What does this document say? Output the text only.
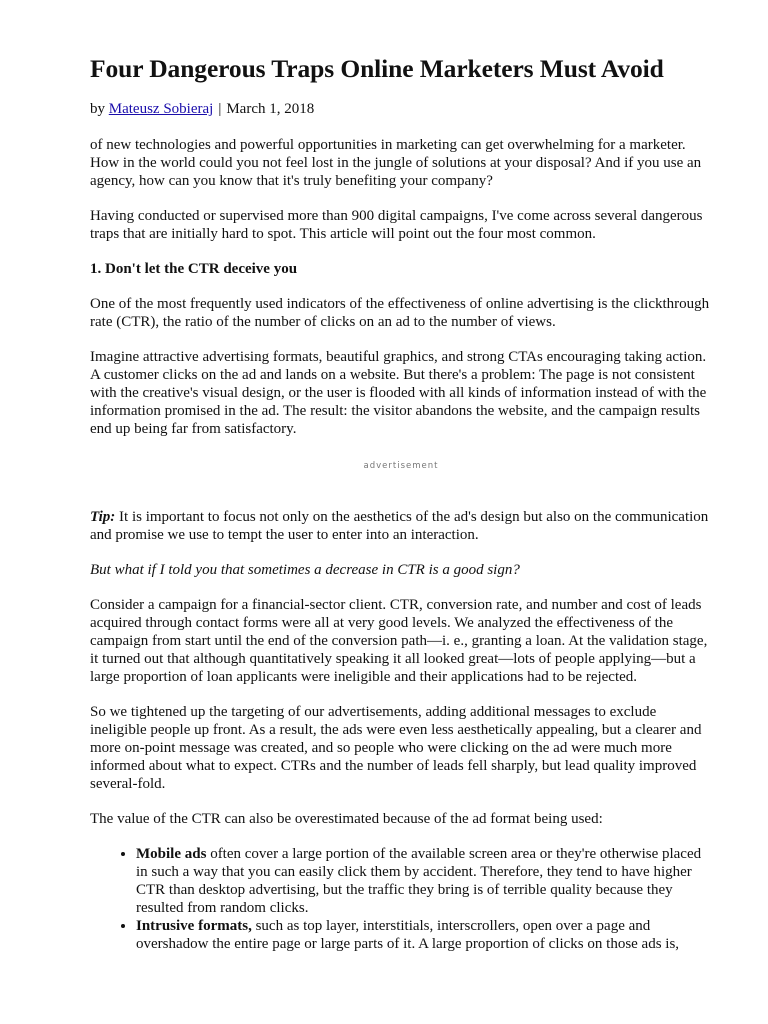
Four Dangerous Traps Online Marketers Must Avoid
by Mateusz Sobieraj | March 1, 2018

of new technologies and powerful opportunities in marketing can get overwhelming for a marketer. How in the world could you not feel lost in the jungle of solutions at your disposal? And if you use an agency, how can you know that it's truly benefiting your company?

Having conducted or supervised more than 900 digital campaigns, I've come across several dangerous traps that are initially hard to spot. This article will point out the four most common.

1. Don't let the CTR deceive you

One of the most frequently used indicators of the effectiveness of online advertising is the clickthrough rate (CTR), the ratio of the number of clicks on an ad to the number of views.

Imagine attractive advertising formats, beautiful graphics, and strong CTAs encouraging taking action. A customer clicks on the ad and lands on a website. But there's a problem: The page is not consistent with the creative's visual design, or the user is flooded with all kinds of information instead of with the information promised in the ad. The result: the visitor abandons the website, and the campaign results end up being far from satisfactory.

advertisement

Tip: It is important to focus not only on the aesthetics of the ad's design but also on the communication and promise we use to tempt the user to enter into an interaction.

But what if I told you that sometimes a decrease in CTR is a good sign?

Consider a campaign for a financial-sector client. CTR, conversion rate, and number and cost of leads acquired through contact forms were all at very good levels. We analyzed the effectiveness of the campaign from start until the end of the conversion path—i. e., granting a loan. At the validation stage, it turned out that although quantitatively speaking it all looked great—lots of people applying—but a large proportion of loan applicants were ineligible and their applications had to be rejected.

So we tightened up the targeting of our advertisements, adding additional messages to exclude ineligible people up front. As a result, the ads were even less aesthetically appealing, but a clearer and more on-point message was created, and so people who were clicking on the ad were much more informed about what to expect. CTRs and the number of leads fell sharply, but lead quality improved several-fold.

The value of the CTR can also be overestimated because of the ad format being used:

• Mobile ads often cover a large portion of the available screen area or they're otherwise placed in such a way that you can easily click them by accident. Therefore, they tend to have higher CTR than desktop advertising, but the traffic they bring is of terrible quality because they resulted from random clicks.
• Intrusive formats, such as top layer, interstitials, interscrollers, open over a page and overshadow the entire page or large parts of it. A large proportion of clicks on those ads is,
